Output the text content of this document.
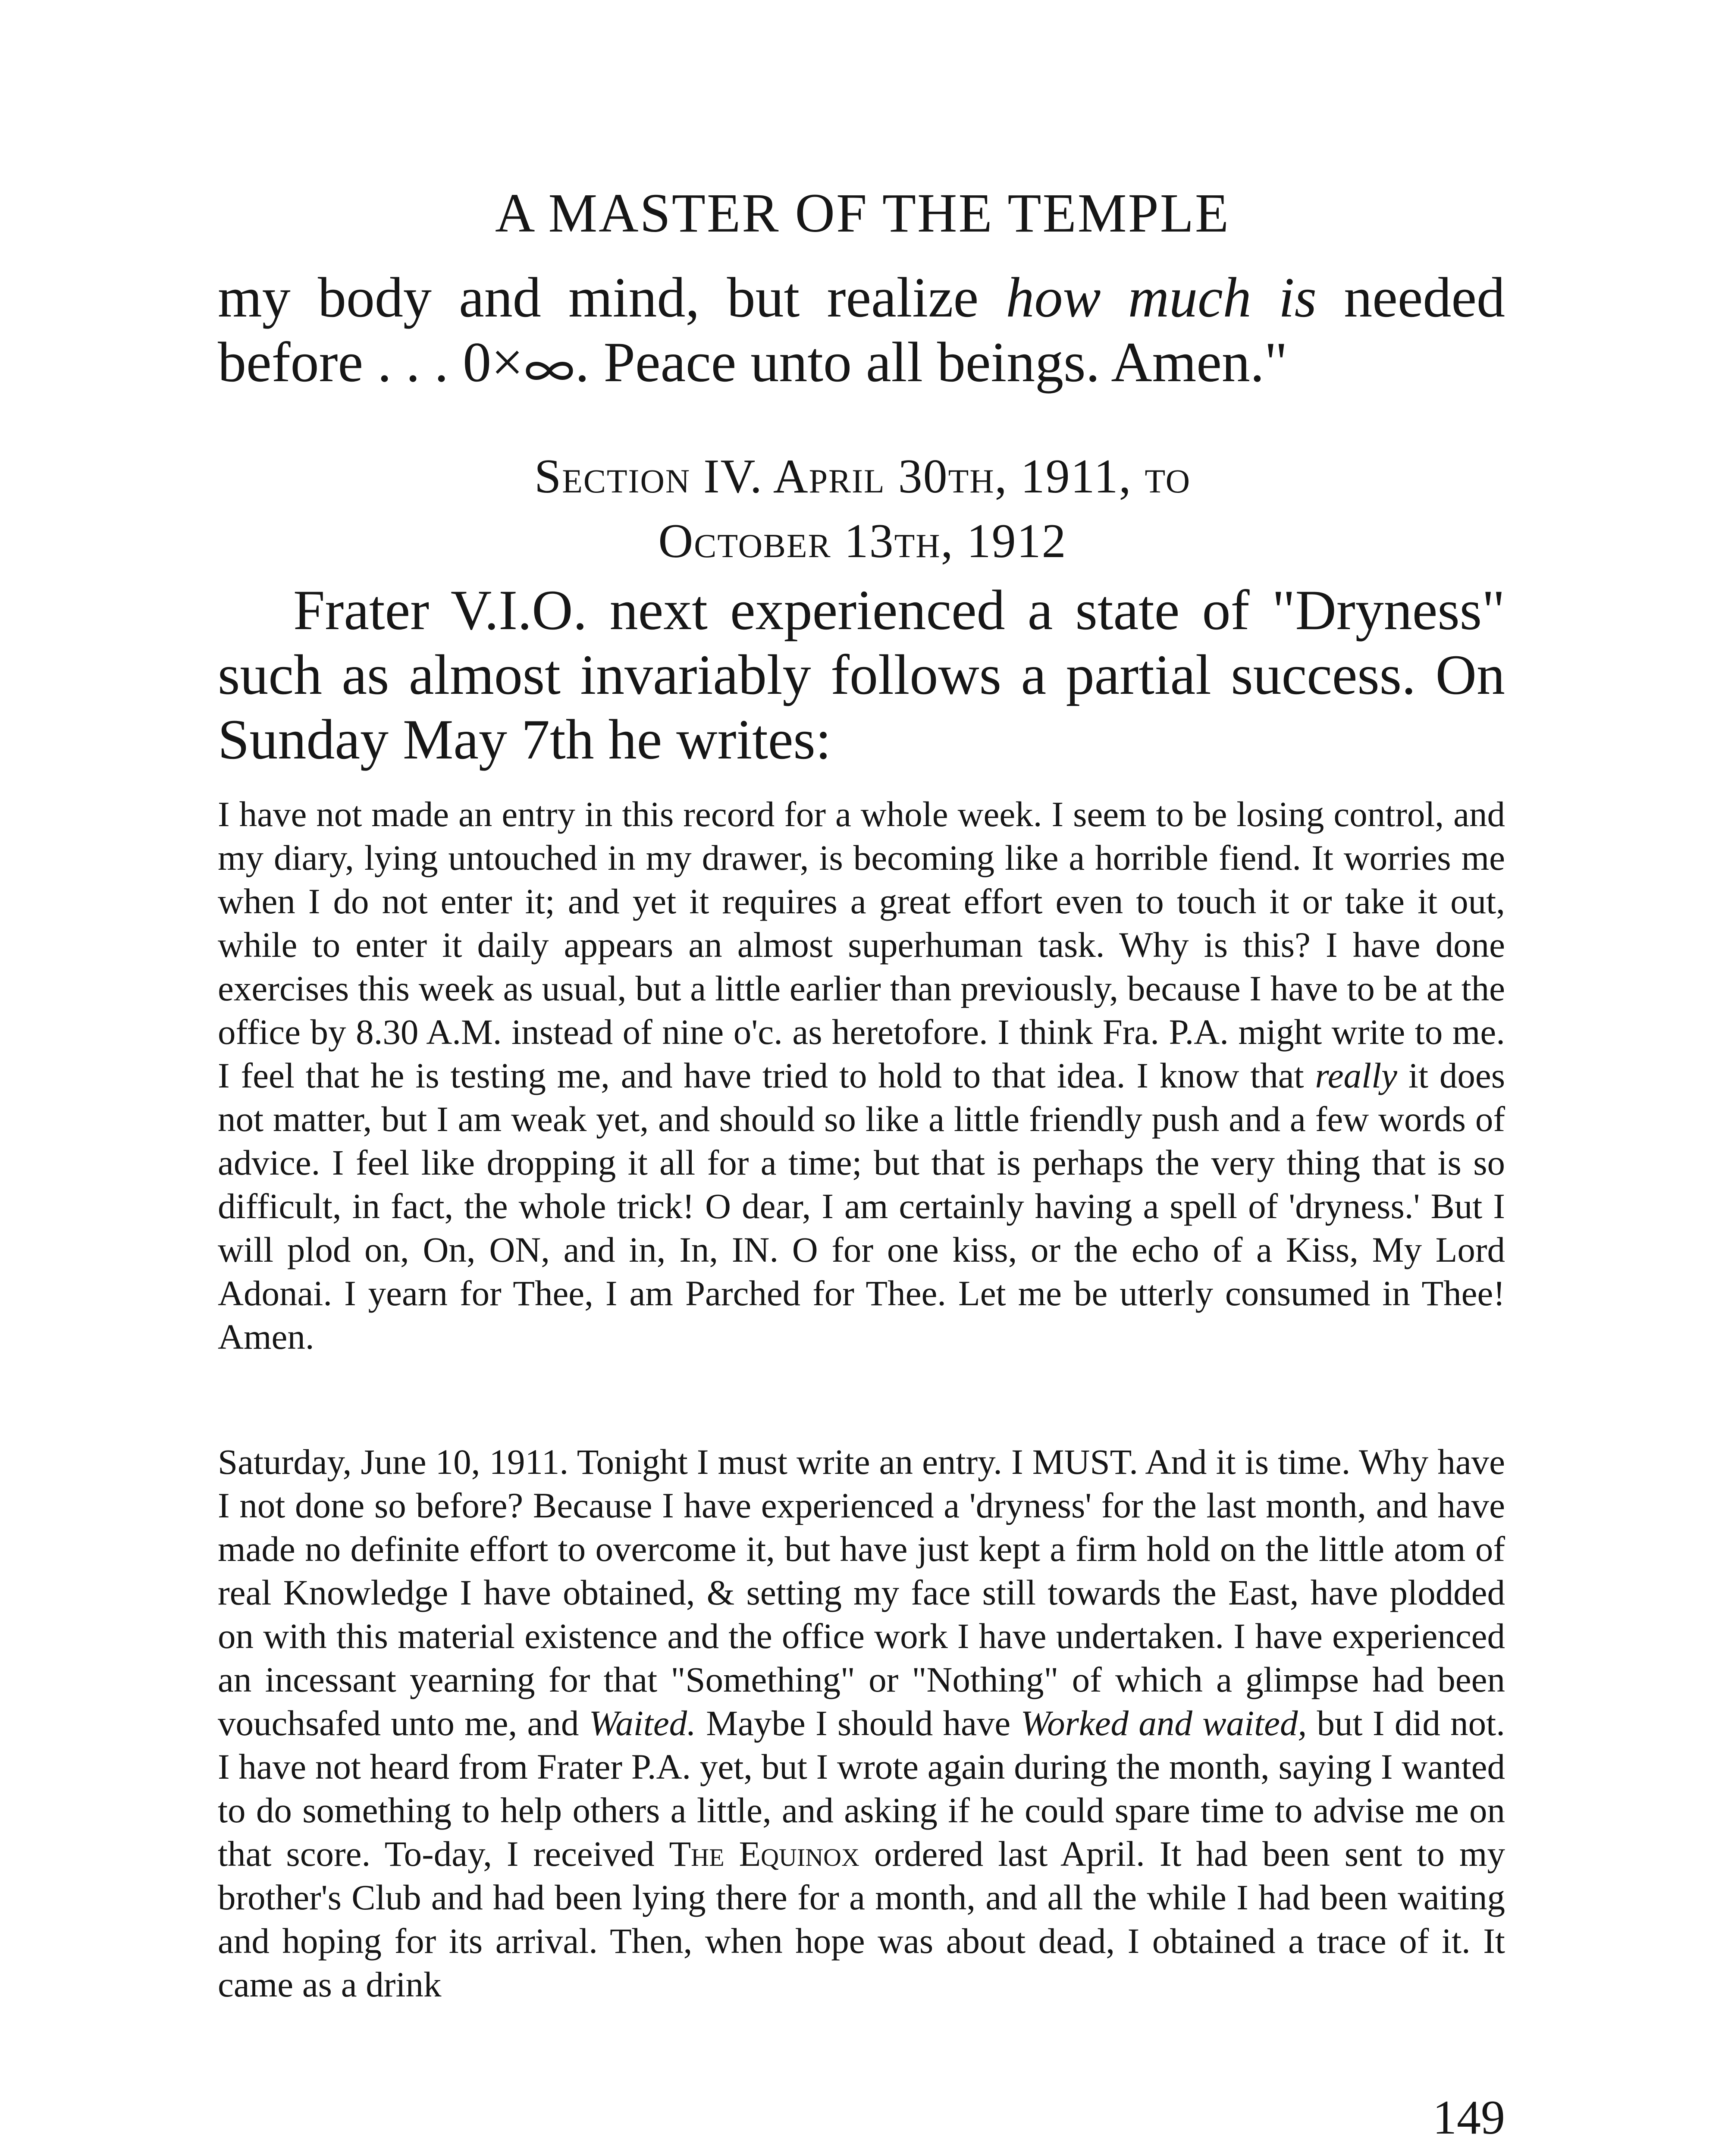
A MASTER OF THE TEMPLE
my body and mind, but realize how much is needed before . . . 0× . Peace unto all beings. Amen."
Section IV. April 30th, 1911, to
October 13th, 1912
Frater V.I.O. next experienced a state of "Dryness" such as almost invariably follows a partial success. On Sunday May 7th he writes:

I have not made an entry in this record for a whole week. I seem to be losing control, and my diary, lying untouched in my drawer, is becoming like a horrible fiend. It worries me when I do not enter it; and yet it requires a great effort even to touch it or take it out, while to enter it daily appears an almost superhuman task. Why is this? I have done exercises this week as usual, but a little earlier than previously, because I have to be at the office by 8.30 A.M. instead of nine o'c. as heretofore. I think Fra. P.A. might write to me. I feel that he is testing me, and have tried to hold to that idea. I know that really it does not matter, but I am weak yet, and should so like a little friendly push and a few words of advice. I feel like dropping it all for a time; but that is perhaps the very thing that is so difficult, in fact, the whole trick! O dear, I am certainly having a spell of 'dryness.' But I will plod on, On, ON, and in, In, IN. O for one kiss, or the echo of a Kiss, My Lord Adonai. I yearn for Thee, I am Parched for Thee. Let me be utterly consumed in Thee! Amen.

Saturday, June 10, 1911. Tonight I must write an entry. I MUST. And it is time. Why have I not done so before? Because I have experienced a 'dryness' for the last month, and have made no definite effort to overcome it, but have just kept a firm hold on the little atom of real Knowledge I have obtained, & setting my face still towards the East, have plodded on with this material existence and the office work I have undertaken. I have experienced an incessant yearning for that "Something" or "Nothing" of which a glimpse had been vouchsafed unto me, and Waited. Maybe I should have Worked and waited, but I did not. I have not heard from Frater P.A. yet, but I wrote again during the month, saying I wanted to do something to help others a little, and asking if he could spare time to advise me on that score. To-day, I received The Equinox ordered last April. It had been sent to my brother's Club and had been lying there for a month, and all the while I had been waiting and hoping for its arrival. Then, when hope was about dead, I obtained a trace of it. It came as a drink

149
